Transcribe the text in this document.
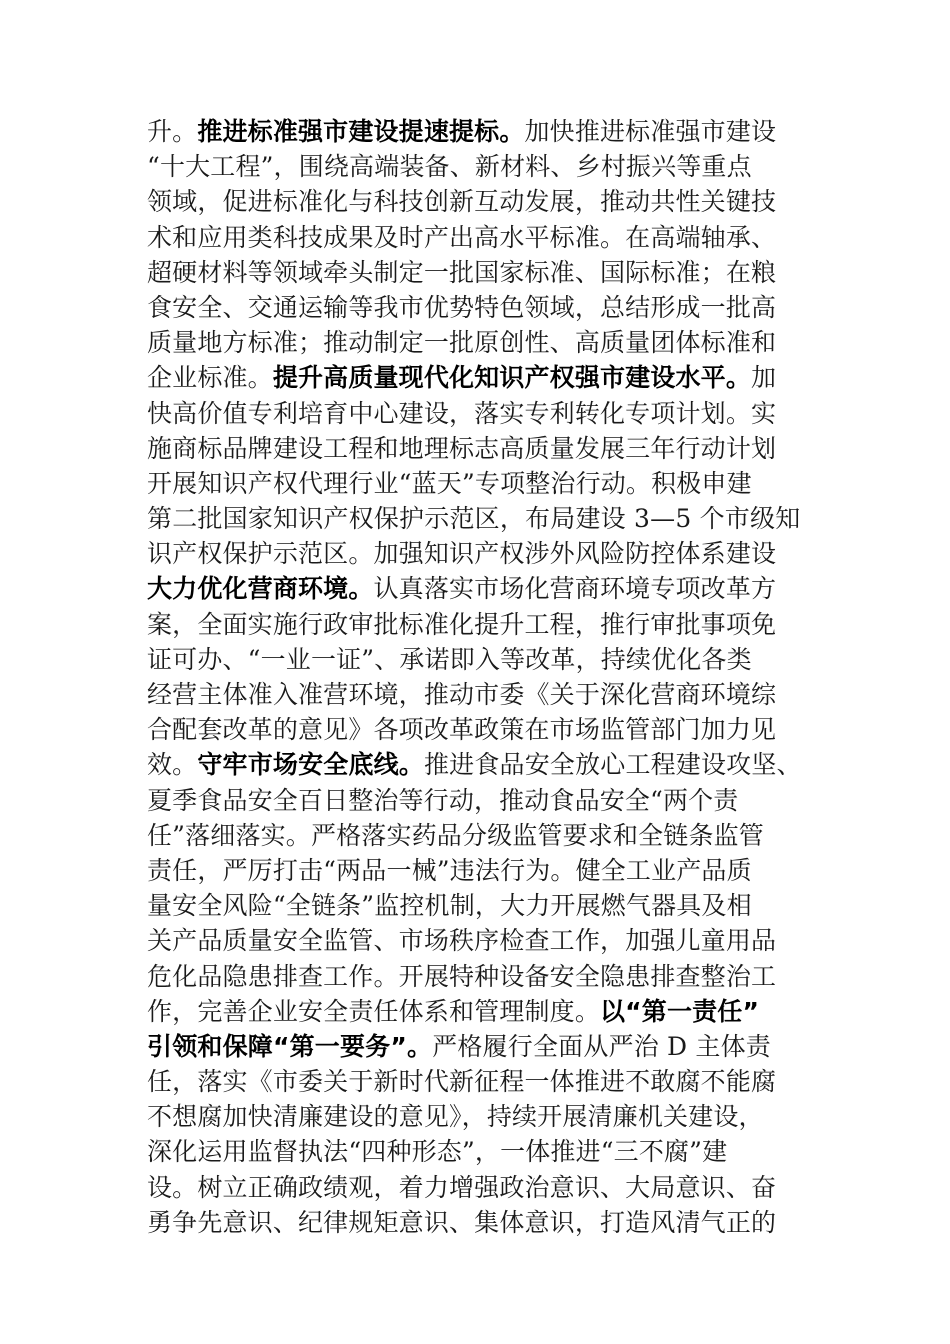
升。推进标准强市建设提速提标。加快推进标准强市建设
“十大工程”，围绕高端装备、新材料、乡村振兴等重点
领域，促进标准化与科技创新互动发展，推动共性关键技
术和应用类科技成果及时产出高水平标准。在高端轴承、
超硬材料等领域牵头制定一批国家标准、国际标准；在粮
食安全、交通运输等我市优势特色领域，总结形成一批高
质量地方标准；推动制定一批原创性、高质量团体标准和
企业标准。提升高质量现代化知识产权强市建设水平。加
快高价值专利培育中心建设，落实专利转化专项计划。实
施商标品牌建设工程和地理标志高质量发展三年行动计划
开展知识产权代理行业“蓝天”专项整治行动。积极申建
第二批国家知识产权保护示范区，布局建设 3—5 个市级知
识产权保护示范区。加强知识产权涉外风险防控体系建设
大力优化营商环境。认真落实市场化营商环境专项改革方
案，全面实施行政审批标准化提升工程，推行审批事项免
证可办、“一业一证”、承诺即入等改革，持续优化各类
经营主体准入准营环境，推动市委《关于深化营商环境综
合配套改革的意见》各项改革政策在市场监管部门加力见
效。守牢市场安全底线。推进食品安全放心工程建设攻坚、
夏季食品安全百日整治等行动，推动食品安全“两个责
任”落细落实。严格落实药品分级监管要求和全链条监管
责任，严厉打击“两品一械”违法行为。健全工业产品质
量安全风险“全链条”监控机制，大力开展燃气器具及相
关产品质量安全监管、市场秩序检查工作，加强儿童用品
危化品隐患排查工作。开展特种设备安全隐患排查整治工
作，完善企业安全责任体系和管理制度。以“第一责任”
引领和保障“第一要务”。严格履行全面从严治 D 主体责
任，落实《市委关于新时代新征程一体推进不敢腐不能腐
不想腐加快清廉建设的意见》，持续开展清廉机关建设，
深化运用监督执法“四种形态”，一体推进“三不腐”建
设。树立正确政绩观，着力增强政治意识、大局意识、奋
勇争先意识、纪律规矩意识、集体意识，打造风清气正的
